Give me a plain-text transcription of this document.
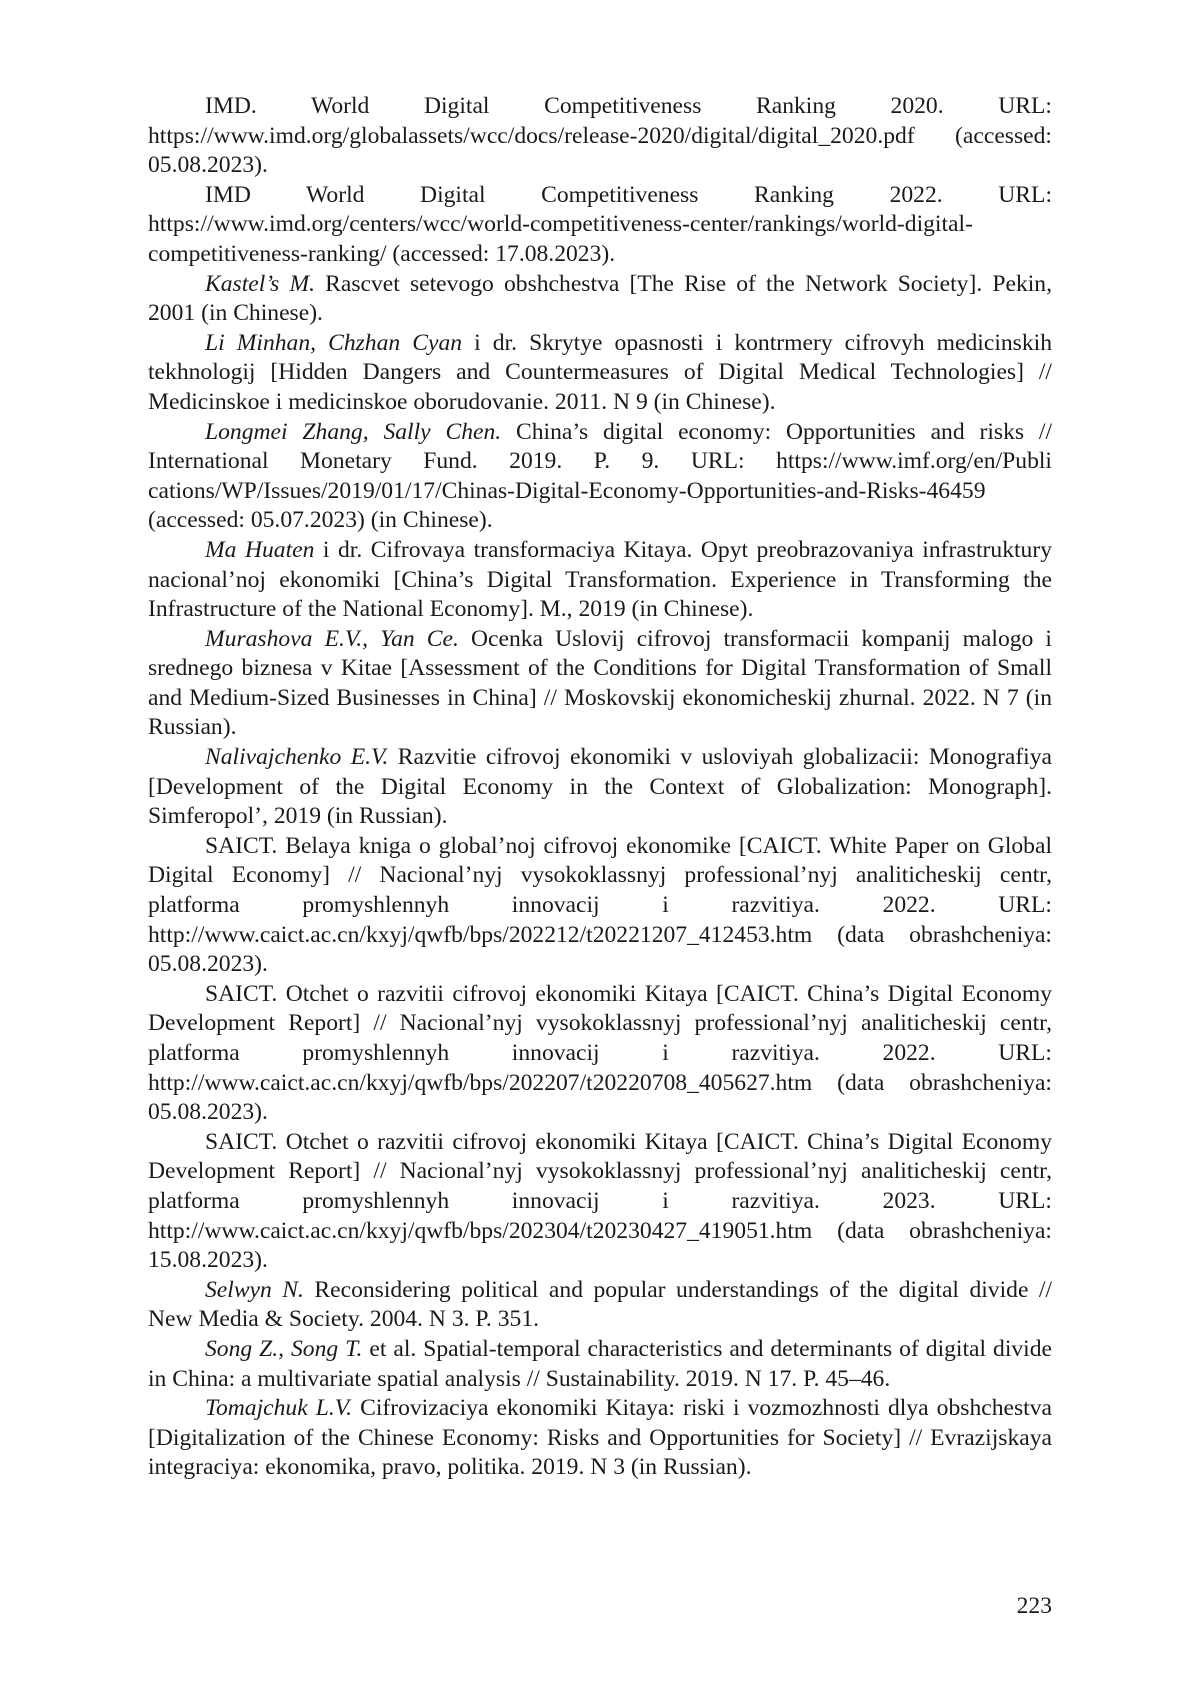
IMD. World Digital Competitiveness Ranking 2020. URL: https://www.imd.org/globalassets/wcc/docs/release-2020/digital/digital_2020.pdf (accessed: 05.08.2023).

IMD World Digital Competitiveness Ranking 2022. URL: https://www.imd.org/centers/wcc/world-competitiveness-center/rankings/world-digital-competitiveness-ranking/ (accessed: 17.08.2023).

Kastel’s M. Rascvet setevogo obshchestva [The Rise of the Network Society]. Pekin, 2001 (in Chinese).

Li Minhan, Chzhan Cyan i dr. Skrytye opasnosti i kontrmery cifrovyh medicinskih tekhnologij [Hidden Dangers and Countermeasures of Digital Medical Technologies] // Medicinskoe i medicinskoe oborudovanie. 2011. N 9 (in Chinese).

Longmei Zhang, Sally Chen. China’s digital economy: Opportunities and risks // International Monetary Fund. 2019. P. 9. URL: https://www.imf.org/en/Publi cations/WP/Issues/2019/01/17/Chinas-Digital-Economy-Opportunities-and-Risks-46459 (accessed: 05.07.2023) (in Chinese).

Ma Huaten i dr. Cifrovaya transformaciya Kitaya. Opyt preobrazovaniya infrastruktury nacional’noj ekonomiki [China’s Digital Transformation. Experience in Transforming the Infrastructure of the National Economy]. M., 2019 (in Chinese).

Murashova E.V., Yan Ce. Ocenka Uslovij cifrovoj transformacii kompanij malogo i srednego biznesa v Kitae [Assessment of the Conditions for Digital Transformation of Small and Medium-Sized Businesses in China] // Moskovskij ekonomicheskij zhurnal. 2022. N 7 (in Russian).

Nalivajchenko E.V. Razvitie cifrovoj ekonomiki v usloviyah globalizacii: Monografiya [Development of the Digital Economy in the Context of Globalization: Monograph]. Simferopol’, 2019 (in Russian).

SAICT. Belaya kniga o global’noj cifrovoj ekonomike [CAICT. White Paper on Global Digital Economy] // Nacional’nyj vysokoklassnyj professional’nyj analiticheskij centr, platforma promyshlennyh innovacij i razvitiya. 2022. URL: http://www.caict.ac.cn/kxyj/qwfb/bps/202212/t20221207_412453.htm (data obrashcheniya: 05.08.2023).

SAICT. Otchet o razvitii cifrovoj ekonomiki Kitaya [CAICT. China’s Digital Economy Development Report] // Nacional’nyj vysokoklassnyj professional’nyj analiticheskij centr, platforma promyshlennyh innovacij i razvitiya. 2022. URL: http://www.caict.ac.cn/kxyj/qwfb/bps/202207/t20220708_405627.htm (data obrashcheniya: 05.08.2023).

SAICT. Otchet o razvitii cifrovoj ekonomiki Kitaya [CAICT. China’s Digital Economy Development Report] // Nacional’nyj vysokoklassnyj professional’nyj analiticheskij centr, platforma promyshlennyh innovacij i razvitiya. 2023. URL: http://www.caict.ac.cn/kxyj/qwfb/bps/202304/t20230427_419051.htm (data obrashcheniya: 15.08.2023).

Selwyn N. Reconsidering political and popular understandings of the digital divide // New Media & Society. 2004. N 3. P. 351.

Song Z., Song T. et al. Spatial-temporal characteristics and determinants of digital divide in China: a multivariate spatial analysis // Sustainability. 2019. N 17. P. 45–46.

Tomajchuk L.V. Cifrovizaciya ekonomiki Kitaya: riski i vozmozhnosti dlya obshchestva [Digitalization of the Chinese Economy: Risks and Opportunities for Society] // Evrazijskaya integraciya: ekonomika, pravo, politika. 2019. N 3 (in Russian).

223
